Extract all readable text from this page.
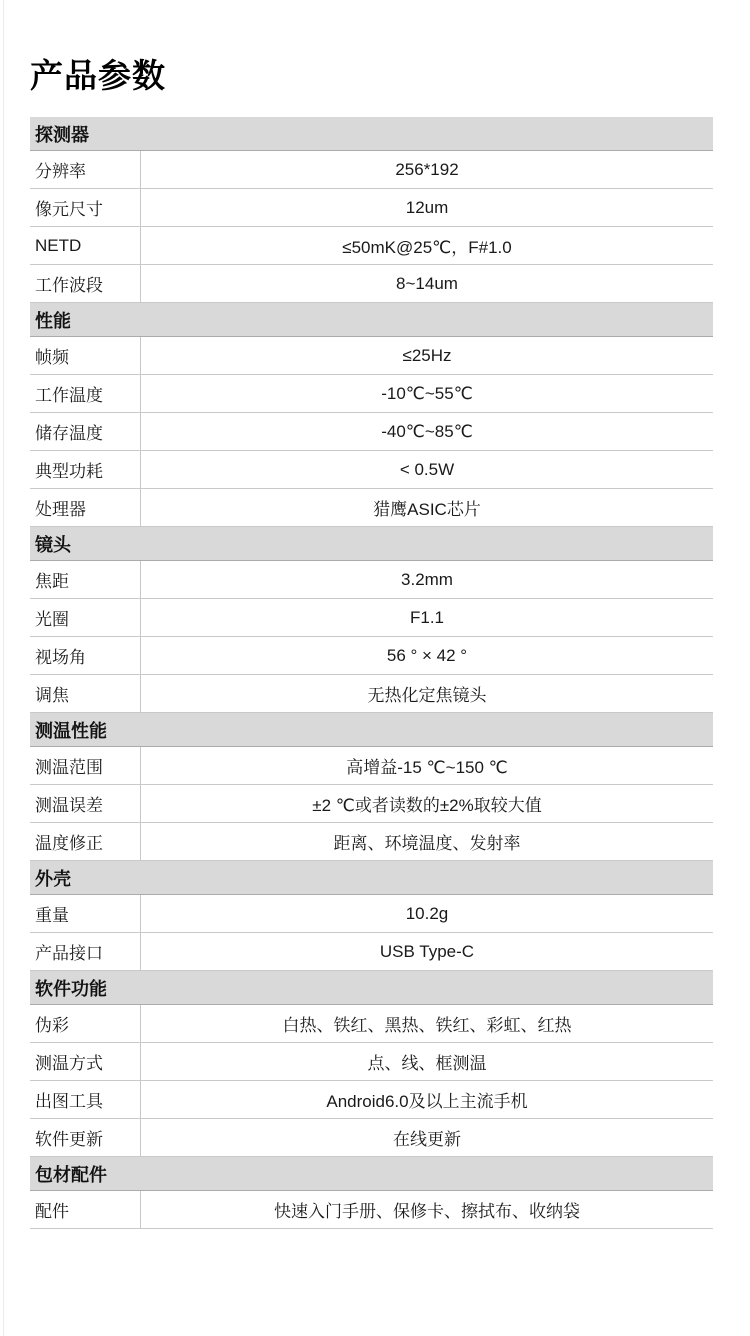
产品参数
探测器
分辨率	256*192
像元尺寸	12um
NETD	≤50mK@25℃，F#1.0
工作波段	8~14um
性能
帧频	≤25Hz
工作温度	-10℃~55℃
储存温度	-40℃~85℃
典型功耗	< 0.5W
处理器	猎鹰ASIC芯片
镜头
焦距	3.2mm
光圈	F1.1
视场角	56 ° × 42 °
调焦	无热化定焦镜头
测温性能
测温范围	高增益-15 ℃~150 ℃
测温误差	±2 ℃或者读数的±2%取较大值
温度修正	距离、环境温度、发射率
外壳
重量	10.2g
产品接口	USB Type-C
软件功能
伪彩	白热、铁红、黑热、铁红、彩虹、红热
测温方式	点、线、框测温
出图工具	Android6.0及以上主流手机
软件更新	在线更新
包材配件
配件	快速入门手册、保修卡、擦拭布、收纳袋
